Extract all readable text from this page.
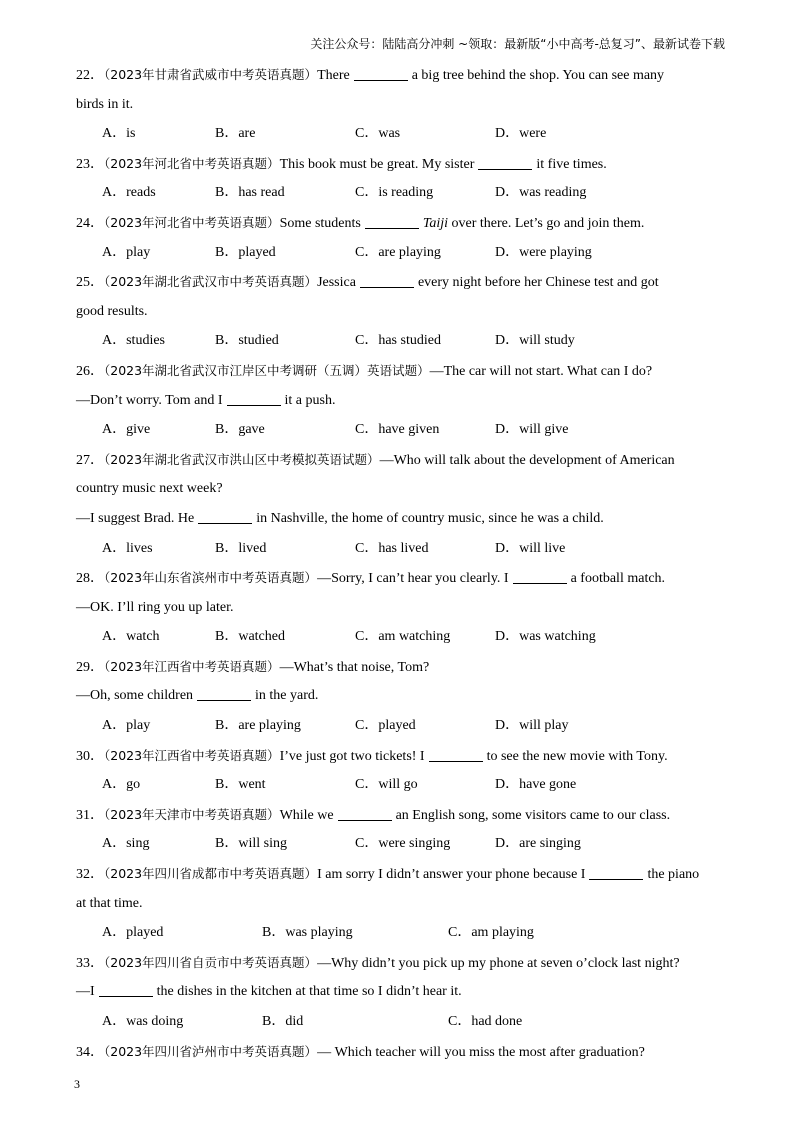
关注公众号：陆陆高分冲刺 ~领取：最新版“小中高考-总复习”、最新试卷下载
22．（2023年甘肃省武威市中考英语真题）There	a big tree behind the shop. You can see many
birds in it.
A．is	B．are	C．was	D．were
23．（2023年河北省中考英语真题）This book must be great. My sister	it five times.
A．reads	B．has read	C．is reading	D．was reading
24．（2023年河北省中考英语真题）Some students	Taiji over there. Let’s go and join them.
A．play	B．played	C．are playing	D．were playing
25．（2023年湖北省武汉市中考英语真题）Jessica	every night before her Chinese test and got
good results.
A．studies	B．studied	C．has studied	D．will study
26．（2023年湖北省武汉市江岸区中考调研（五调）英语试题）—The car will not start. What can I do?
—Don’t worry. Tom and I	it a push.
A．give	B．gave	C．have given	D．will give
27．（2023年湖北省武汉市洪山区中考模拟英语试题）—Who will talk about the development of American
country music next week?
—I suggest Brad. He	in Nashville, the home of country music, since he was a child.
A．lives	B．lived	C．has lived	D．will live
28．（2023年山东省滨州市中考英语真题）—Sorry, I can’t hear you clearly. I	a football match.
—OK. I’ll ring you up later.
A．watch	B．watched	C．am watching	D．was watching
29．（2023年江西省中考英语真题）—What’s that noise, Tom?
—Oh, some children	in the yard.
A．play	B．are playing	C．played	D．will play
30．（2023年江西省中考英语真题）I’ve just got two tickets! I	to see the new movie with Tony.
A．go	B．went	C．will go	D．have gone
31．（2023年天津市中考英语真题）While we	an English song, some visitors came to our class.
A．sing	B．will sing	C．were singing	D．are singing
32．（2023年四川省成都市中考英语真题）I am sorry I didn’t answer your phone because I	the piano
at that time.
A．played	B．was playing	C．am playing
33．（2023年四川省自贡市中考英语真题）—Why didn’t you pick up my phone at seven o’clock last night?
—I	the dishes in the kitchen at that time so I didn’t hear it.
A．was doing	B．did	C．had done
34．（2023年四川省泸州市中考英语真题）— Which teacher will you miss the most after graduation?
3
